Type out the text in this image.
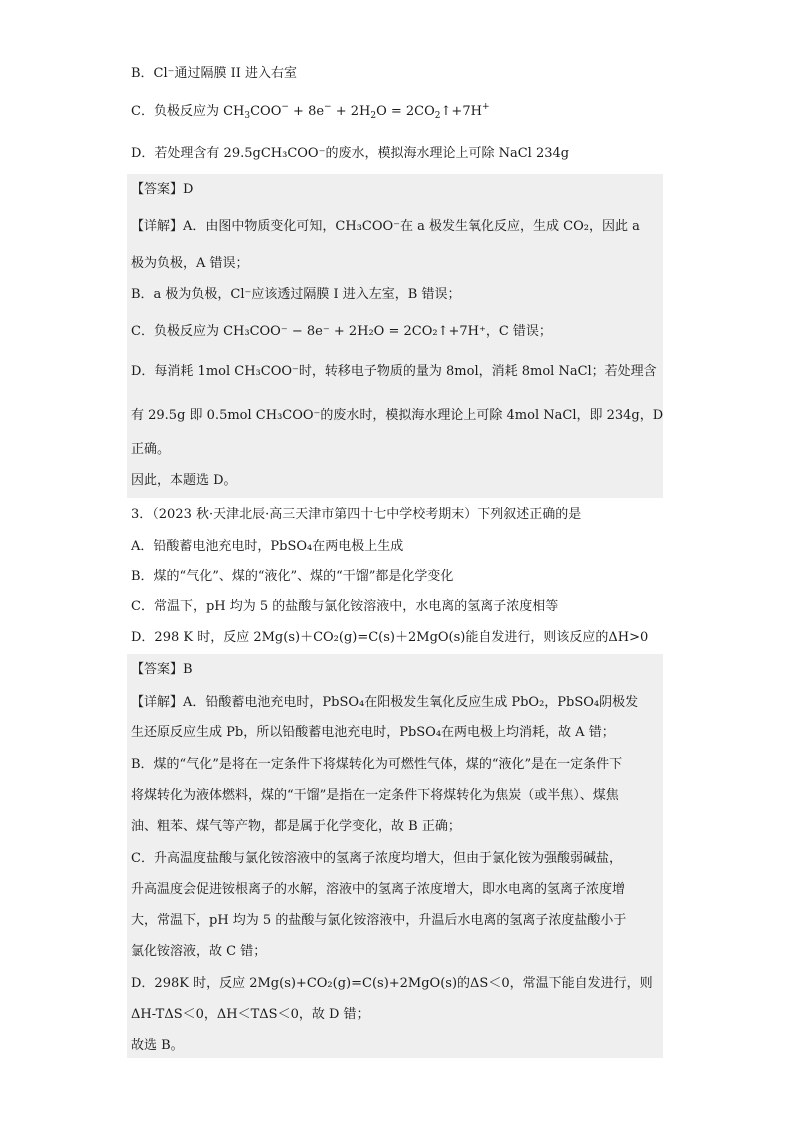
B．Cl⁻通过隔膜 II 进入右室
C．负极反应为 $CH_3COO^- + 8e^- + 2H_2O$ = $2CO_2↑+7H^+$
D．若处理含有 29.5gCH₃COO⁻的废水，模拟海水理论上可除 NaCl 234g
【答案】D
【详解】A．由图中物质变化可知，CH₃COO⁻在 a 极发生氧化反应，生成 CO₂，因此 a
极为负极，A 错误；
B．a 极为负极，Cl⁻应该透过隔膜 I 进入左室，B 错误；
C．负极反应为 CH₃COO⁻ − 8e⁻ + 2H₂O = 2CO₂↑+7H⁺，C 错误；
D．每消耗 1mol CH₃COO⁻时，转移电子物质的量为 8mol，消耗 8mol NaCl；若处理含
有 29.5g 即 0.5mol CH₃COO⁻的废水时，模拟海水理论上可除 4mol NaCl，即 234g，D
正确。
因此，本题选 D。
3．（2023 秋·天津北辰·高三天津市第四十七中学校考期末）下列叙述正确的是
A．铅酸蓄电池充电时，PbSO₄在两电极上生成
B．煤的“气化”、煤的“液化”、煤的“干馏”都是化学变化
C．常温下，pH 均为 5 的盐酸与氯化铵溶液中，水电离的氢离子浓度相等
D．298 K 时，反应 2Mg(s)＋CO₂(g)=C(s)＋2MgO(s)能自发进行，则该反应的ΔH>0
【答案】B
【详解】A．铅酸蓄电池充电时，PbSO₄在阳极发生氧化反应生成 PbO₂，PbSO₄阴极发
生还原反应生成 Pb，所以铅酸蓄电池充电时，PbSO₄在两电极上均消耗，故 A 错；
B．煤的“气化”是将在一定条件下将煤转化为可燃性气体，煤的“液化”是在一定条件下
将煤转化为液体燃料，煤的“干馏”是指在一定条件下将煤转化为焦炭（或半焦）、煤焦
油、粗苯、煤气等产物，都是属于化学变化，故 B 正确；
C．升高温度盐酸与氯化铵溶液中的氢离子浓度均增大，但由于氯化铵为强酸弱碱盐，
升高温度会促进铵根离子的水解，溶液中的氢离子浓度增大，即水电离的氢离子浓度增
大，常温下，pH 均为 5 的盐酸与氯化铵溶液中，升温后水电离的氢离子浓度盐酸小于
氯化铵溶液，故 C 错；
D．298K 时，反应 2Mg(s)+CO₂(g)=C(s)+2MgO(s)的ΔS＜0，常温下能自发进行，则
ΔH-TΔS＜0，ΔH＜TΔS＜0，故 D 错；
故选 B。
